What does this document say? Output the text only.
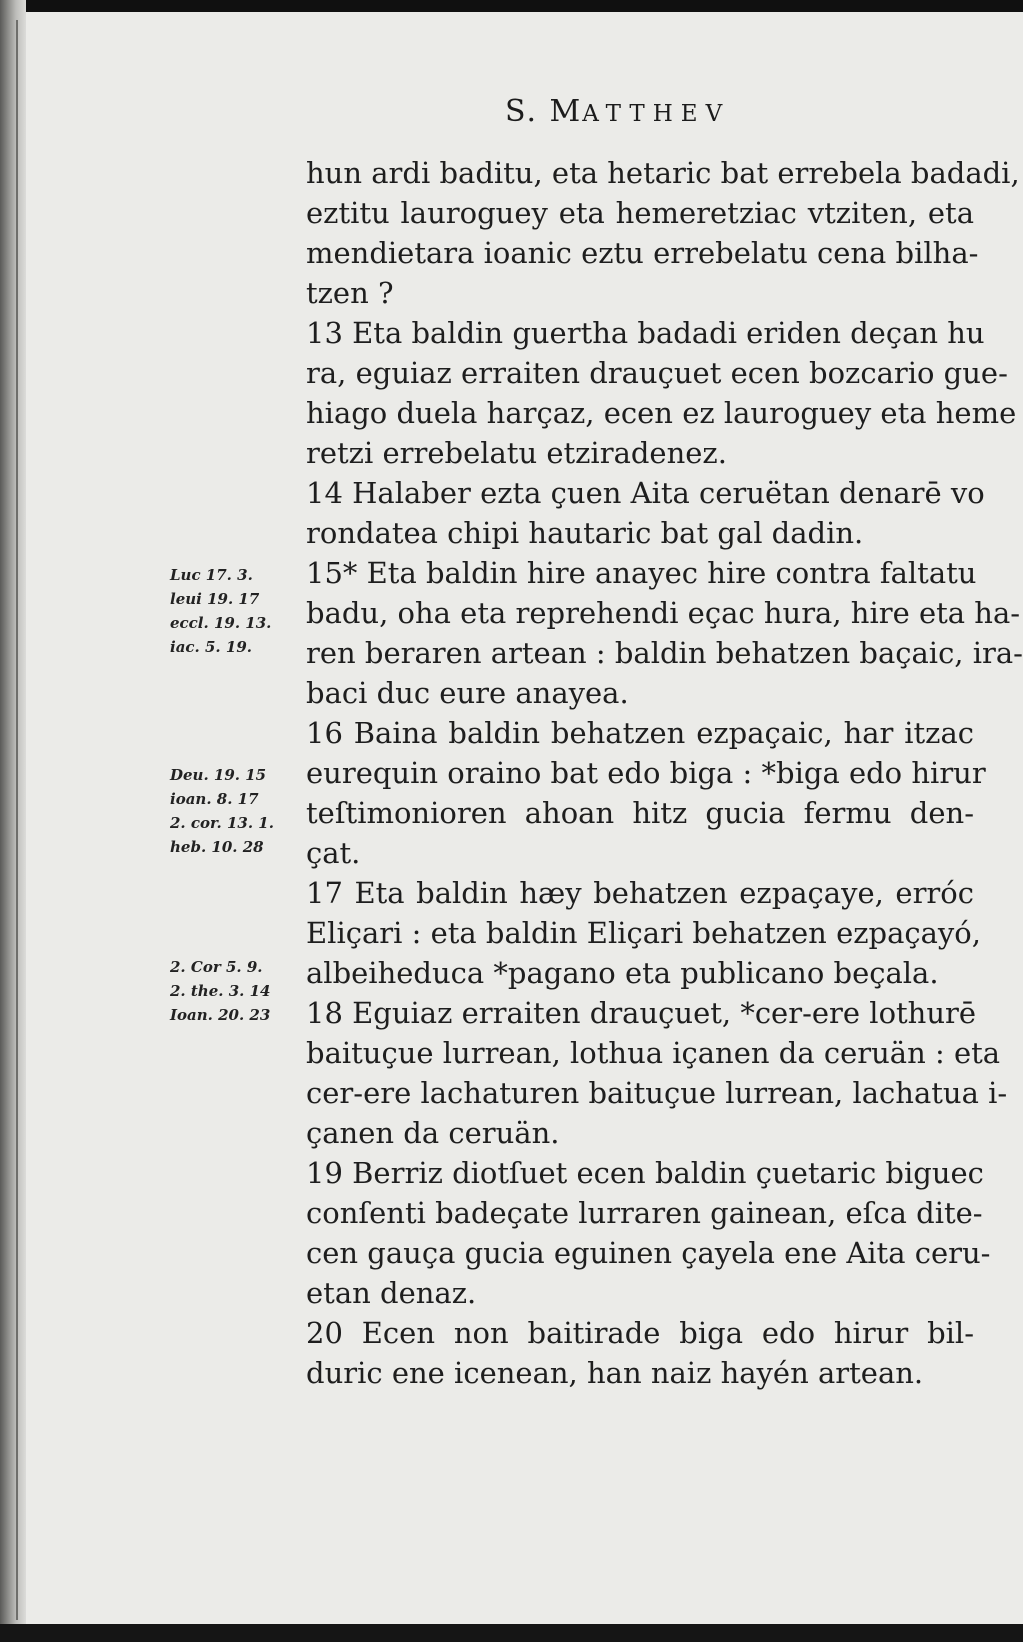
S. MATTHEV
hun ardi baditu, eta hetaric bat errebela badadi,
eztitu lauroguey eta hemeretziac vtziten, eta
mendietara ioanic eztu errebelatu cena bilha-
tzen ?
13 Eta baldin guertha badadi eriden deçan hu
ra, eguiaz erraiten drauçuet ecen bozcario gue-
hiago duela harçaz, ecen ez lauroguey eta heme
retzi errebelatu etziradenez.
14 Halaber ezta çuen Aita ceruëtan denarē vo
rondatea chipi hautaric bat gal dadin.
15* Eta baldin hire anayec hire contra faltatu
badu, oha eta reprehendi eçac hura, hire eta ha-
ren beraren artean : baldin behatzen baçaic, ira-
baci duc eure anayea.
16 Baina baldin behatzen ezpaçaic, har itzac
eurequin oraino bat edo biga : *biga edo hirur
teſtimonioren ahoan hitz gucia fermu den-
çat.
17 Eta baldin hæy behatzen ezpaçaye, erróc
Eliçari : eta baldin Eliçari behatzen ezpaçayó,
albeiheduca *pagano eta publicano beçala.
18 Eguiaz erraiten drauçuet, *cer-ere lothurē
baituçue lurrean, lothua içanen da ceruän : eta
cer-ere lachaturen baituçue lurrean, lachatua i-
çanen da ceruän.
19 Berriz diotſuet ecen baldin çuetaric biguec
conſenti badeçate lurraren gainean, eſca dite-
cen gauça gucia eguinen çayela ene Aita ceru-
etan denaz.
20 Ecen non baitirade biga edo hirur bil-
duric ene icenean, han naiz hayén artean.
Luc 17. 3.
leui 19. 17
eccl. 19. 13.
iac. 5. 19.
Deu. 19. 15
ioan. 8. 17
2. cor. 13. 1.
heb. 10. 28
2. Cor 5. 9.
2. the. 3. 14
Ioan. 20. 23
